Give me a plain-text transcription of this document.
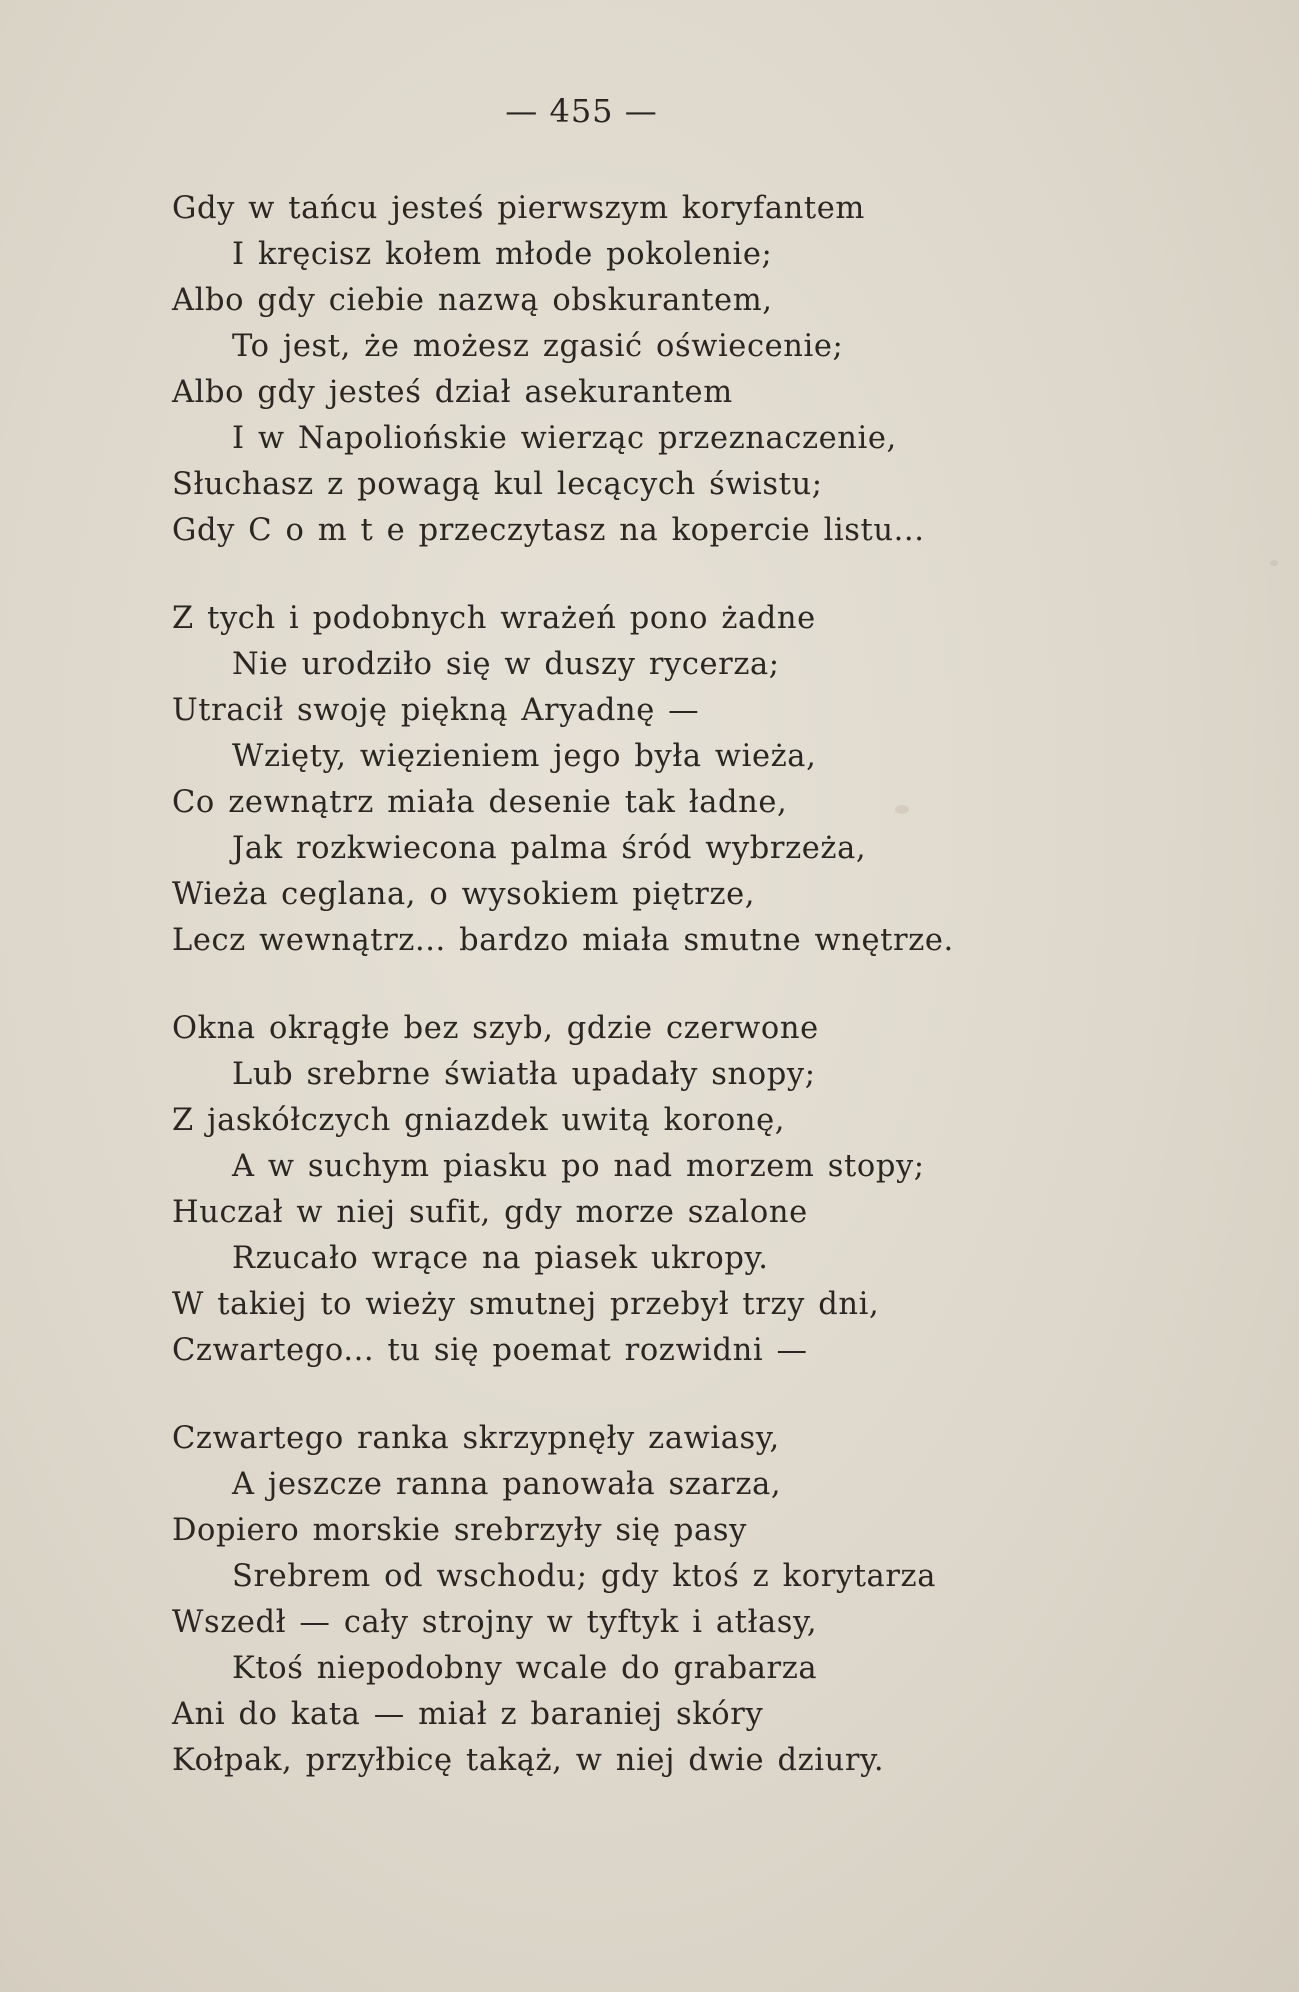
— 455 —
Gdy w tańcu jesteś pierwszym koryfantem
I kręcisz kołem młode pokolenie;
Albo gdy ciebie nazwą obskurantem,
To jest, że możesz zgasić oświecenie;
Albo gdy jesteś dział asekurantem
I w Napoliońskie wierząc przeznaczenie,
Słuchasz z powagą kul lecących świstu;
Gdy C o m t e przeczytasz na kopercie listu...
Z tych i podobnych wrażeń pono żadne
Nie urodziło się w duszy rycerza;
Utracił swoję piękną Aryadnę —
Wzięty, więzieniem jego była wieża,
Co zewnątrz miała desenie tak ładne,
Jak rozkwiecona palma śród wybrzeża,
Wieża ceglana, o wysokiem piętrze,
Lecz wewnątrz... bardzo miała smutne wnętrze.
Okna okrągłe bez szyb, gdzie czerwone
Lub srebrne światła upadały snopy;
Z jaskółczych gniazdek uwitą koronę,
A w suchym piasku po nad morzem stopy;
Huczał w niej sufit, gdy morze szalone
Rzucało wrące na piasek ukropy.
W takiej to wieży smutnej przebył trzy dni,
Czwartego... tu się poemat rozwidni —
Czwartego ranka skrzypnęły zawiasy,
A jeszcze ranna panowała szarza,
Dopiero morskie srebrzyły się pasy
Srebrem od wschodu; gdy ktoś z korytarza
Wszedł — cały strojny w tyftyk i atłasy,
Ktoś niepodobny wcale do grabarza
Ani do kata — miał z baraniej skóry
Kołpak, przyłbicę takąż, w niej dwie dziury.
